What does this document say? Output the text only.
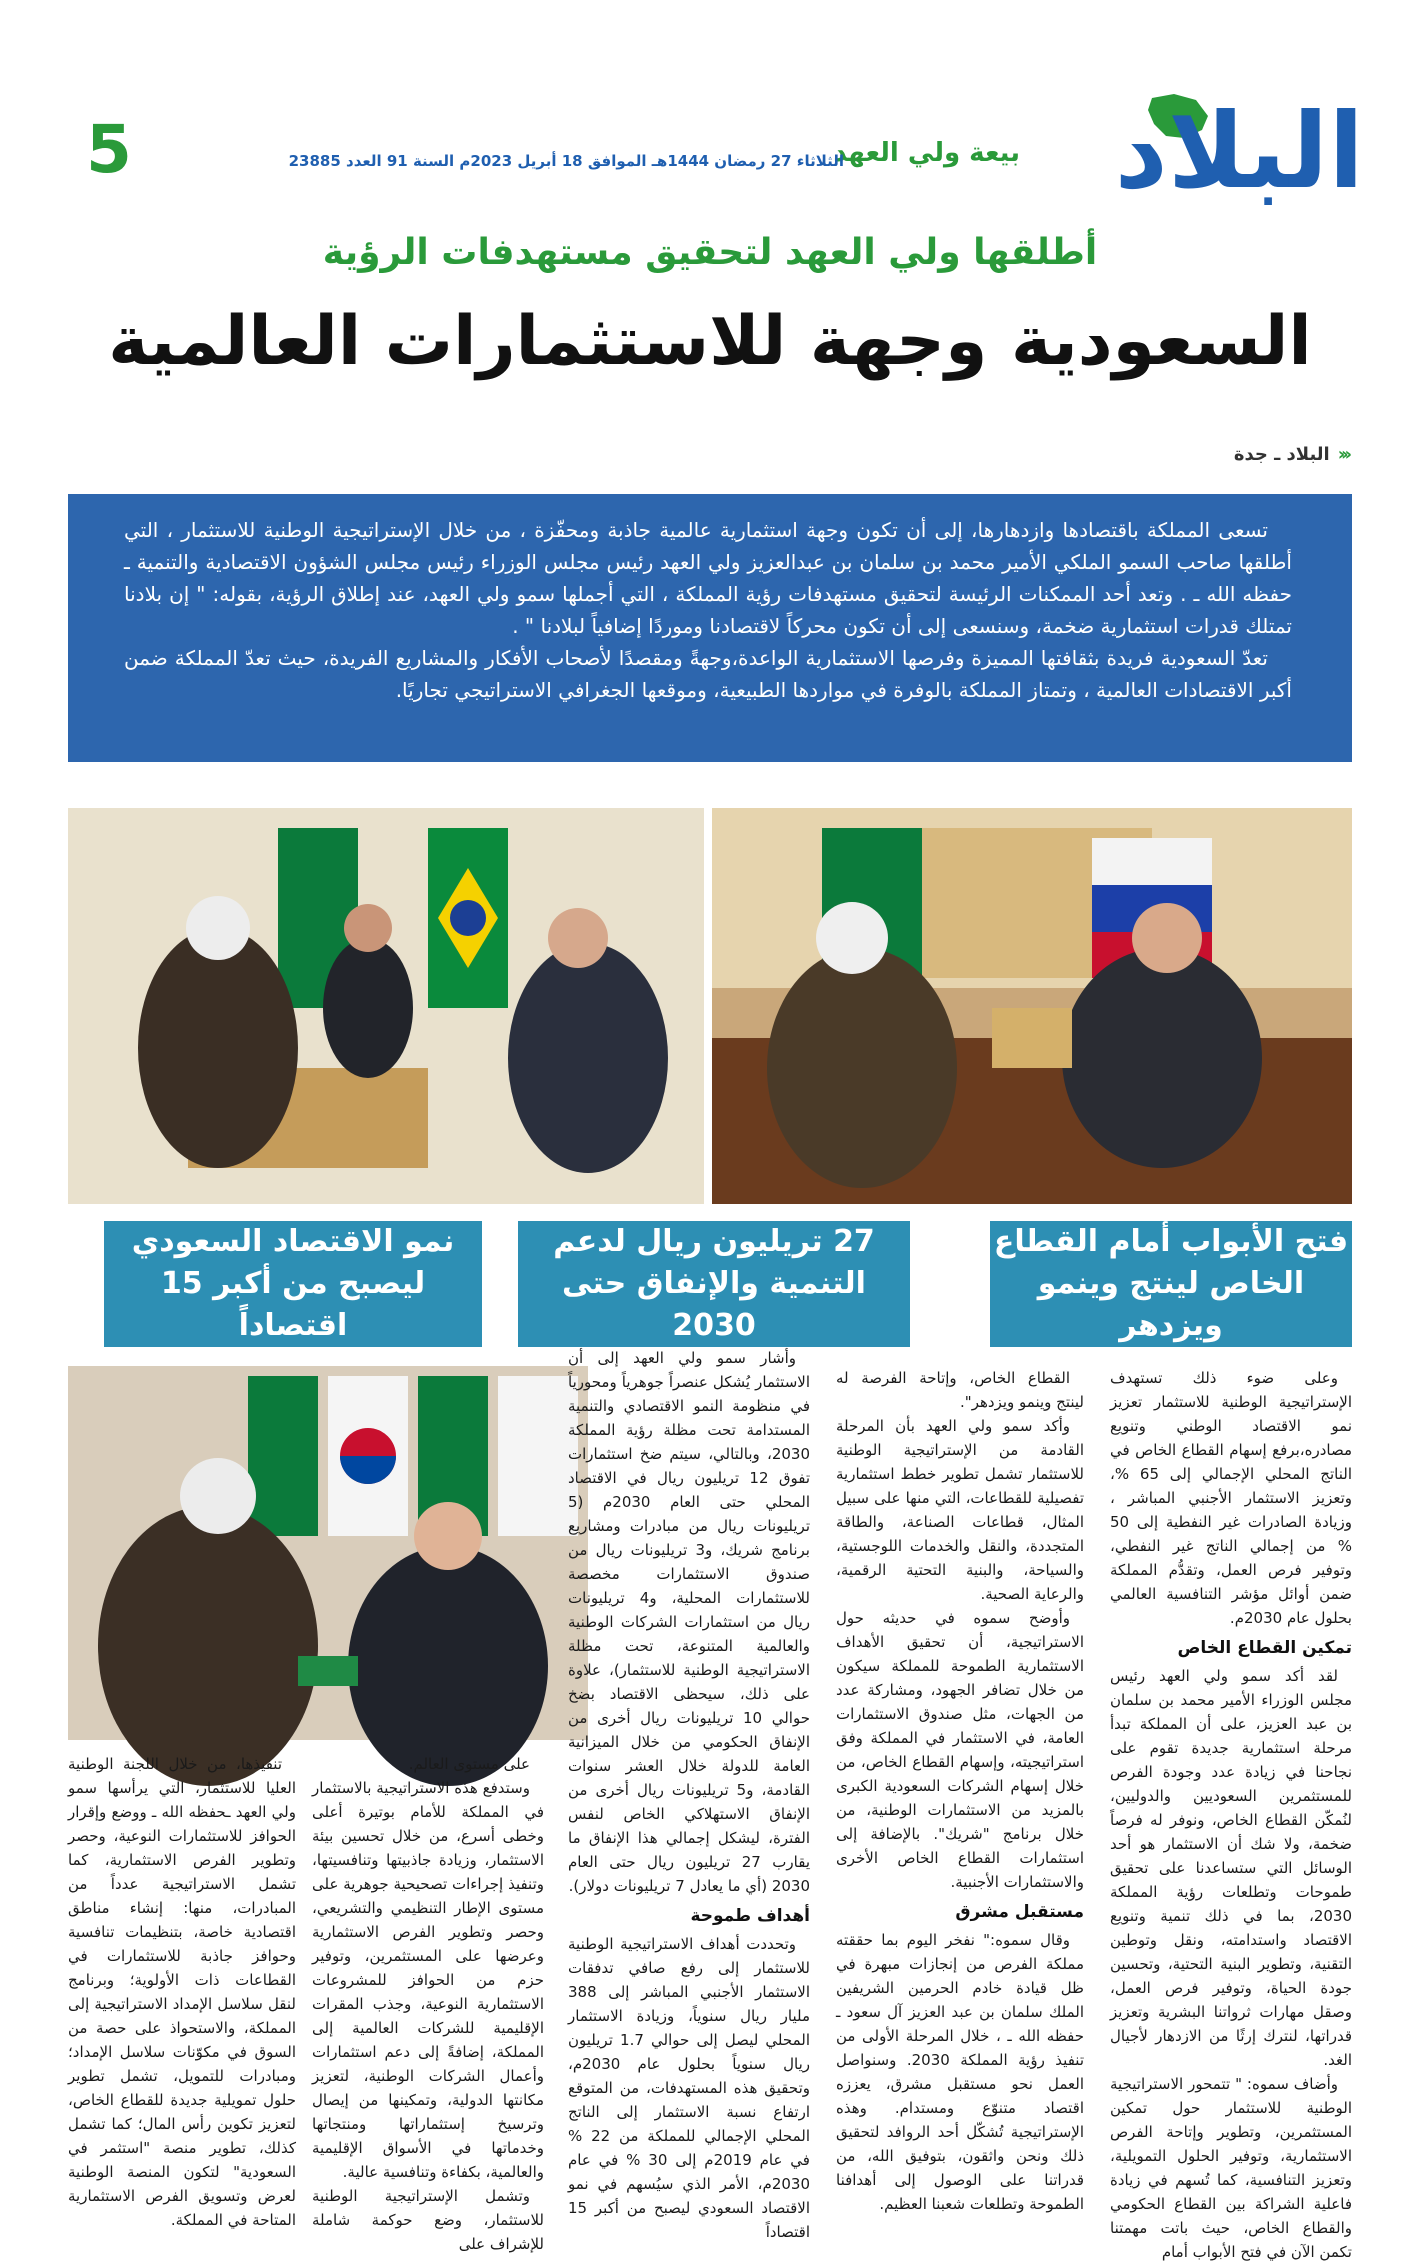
البلاد
بيعة ولي العهد
الثلاثاء 27 رمضان 1444هـ الموافق 18 أبريل 2023م السنة 91 العدد 23885
5
أطلقها ولي العهد لتحقيق مستهدفات الرؤية
السعودية وجهة للاستثمارات العالمية
‹‹‹البلاد ـ جدة

تسعى المملكة باقتصادها وازدهارها، إلى أن تكون وجهة استثمارية عالمية جاذبة ومحفّزة ، من خلال الإستراتيجية الوطنية للاستثمار ، التي أطلقها صاحب السمو الملكي الأمير محمد بن سلمان بن عبدالعزيز ولي العهد رئيس مجلس الوزراء رئيس مجلس الشؤون الاقتصادية والتنمية ـ حفظه الله ـ . وتعد أحد الممكنات الرئيسة لتحقيق مستهدفات رؤية المملكة ، التي أجملها سمو ولي العهد، عند إطلاق الرؤية، بقوله: " إن بلادنا تمتلك قدرات استثمارية ضخمة، وسنسعى إلى أن تكون محركاً لاقتصادنا وموردًا إضافياً لبلادنا " .

تعدّ السعودية فريدة بثقافتها المميزة وفرصها الاستثمارية الواعدة،وجهةً ومقصدًا لأصحاب الأفكار والمشاريع الفريدة، حيث تعدّ المملكة ضمن أكبر الاقتصادات العالمية ، وتمتاز المملكة بالوفرة في مواردها الطبيعية، وموقعها الجغرافي الاستراتيجي تجاريًا.

فتح الأبواب أمام القطاع الخاص لينتج وينمو ويزدهر
27 تريليون ريال لدعم التنمية والإنفاق حتى 2030
نمو الاقتصاد السعودي ليصبح من أكبر 15 اقتصاداً

وعلى ضوء ذلك تستهدف الإستراتيجية الوطنية للاستثمار تعزيز نمو الاقتصاد الوطني وتنويع مصادره،برفع إسهام القطاع الخاص في الناتج المحلي الإجمالي إلى 65 %، وتعزيز الاستثمار الأجنبي المباشر ، وزيادة الصادرات غير النفطية إلى 50 % من إجمالي الناتج غير النفطي، وتوفير فرص العمل، وتقدُّم المملكة ضمن أوائل مؤشر التنافسية العالمي بحلول عام 2030م.

تمكين القطاع الخاص

لقد أكد سمو ولي العهد رئيس مجلس الوزراء الأمير محمد بن سلمان بن عبد العزيز، على أن المملكة تبدأ مرحلة استثمارية جديدة تقوم على نجاحنا في زيادة عدد وجودة الفرص للمستثمرين السعوديين والدوليين، لنُمكّن القطاع الخاص، ونوفر له فرصاً ضخمة، ولا شك أن الاستثمار هو أحد الوسائل التي ستساعدنا على تحقيق طموحات وتطلعات رؤية المملكة 2030، بما في ذلك تنمية وتنويع الاقتصاد واستدامته، ونقل وتوطين التقنية، وتطوير البنية التحتية، وتحسين جودة الحياة، وتوفير فرص العمل، وصقل مهارات ثرواتنا البشرية وتعزيز قدراتها، لنترك إرثًا من الازدهار لأجيال الغد.

وأضاف سموه: " تتمحور الاستراتيجية الوطنية للاستثمار حول تمكين المستثمرين، وتطوير وإتاحة الفرص الاستثمارية، وتوفير الحلول التمويلية، وتعزيز التنافسية، كما تُسهم في زيادة فاعلية الشراكة بين القطاع الحكومي والقطاع الخاص، حيث باتت مهمتنا تكمن الآن في فتح الأبواب أمام

القطاع الخاص، وإتاحة الفرصة له لينتج وينمو ويزدهر".

وأكد سمو ولي العهد بأن المرحلة القادمة من الإستراتيجية الوطنية للاستثمار تشمل تطوير خطط استثمارية تفصيلية للقطاعات، التي منها على سبيل المثال، قطاعات الصناعة، والطاقة المتجددة، والنقل والخدمات اللوجستية، والسياحة، والبنية التحتية الرقمية، والرعاية الصحية.

وأوضح سموه في حديثه حول الاستراتيجية، أن تحقيق الأهداف الاستثمارية الطموحة للمملكة سيكون من خلال تضافر الجهود، ومشاركة عدد من الجهات، مثل صندوق الاستثمارات العامة، في الاستثمار في المملكة وفق استراتيجيته، وإسهام القطاع الخاص، من خلال إسهام الشركات السعودية الكبرى بالمزيد من الاستثمارات الوطنية، من خلال برنامج "شريك". بالإضافة إلى استثمارات القطاع الخاص الأخرى والاستثمارات الأجنبية.

مستقبل مشرق

وقال سموه:" نفخر اليوم بما حققته مملكة الفرص من إنجازات مبهرة في ظل قيادة خادم الحرمين الشريفين الملك سلمان بن عبد العزيز آل سعود ـ حفظه الله ـ ، خلال المرحلة الأولى من تنفيذ رؤية المملكة 2030. وسنواصل العمل نحو مستقبل مشرق، يعززه اقتصاد متنوّع ومستدام. وهذه الإستراتيجية تُشكّل أحد الروافد لتحقيق ذلك ونحن واثقون، بتوفيق الله، من قدراتنا على الوصول إلى أهدافنا الطموحة وتطلعات شعبنا العظيم.

وأشار سمو ولي العهد إلى أن الاستثمار يُشكل عنصراً جوهرياً ومحورياً في منظومة النمو الاقتصادي والتنمية المستدامة تحت مظلة رؤية المملكة 2030، وبالتالي، سيتم ضخ استثمارات تفوق 12 تريليون ريال في الاقتصاد المحلي حتى العام 2030م (5 تريليونات ريال من مبادرات ومشاريع برنامج شريك، و3 تريليونات ريال من صندوق الاستثمارات مخصصة للاستثمارات المحلية، و4 تريليونات ريال من استثمارات الشركات الوطنية والعالمية المتنوعة، تحت مظلة الاستراتيجية الوطنية للاستثمار)، علاوة على ذلك، سيحظى الاقتصاد بضخ حوالي 10 تريليونات ريال أخرى من الإنفاق الحكومي من خلال الميزانية العامة للدولة خلال العشر سنوات القادمة، و5 تريليونات ريال أخرى من الإنفاق الاستهلاكي الخاص لنفس الفترة، ليشكل إجمالي هذا الإنفاق ما يقارب 27 تريليون ريال حتى العام 2030 (أي ما يعادل 7 تريليونات دولار).

أهداف طموحة

وتحددت أهداف الاستراتيجية الوطنية للاستثمار إلى رفع صافي تدفقات الاستثمار الأجنبي المباشر إلى 388 مليار ريال سنوياً، وزيادة الاستثمار المحلي ليصل إلى حوالي 1.7 تريليون ريال سنوياً بحلول عام 2030م، وتحقيق هذه المستهدفات، من المتوقع ارتفاع نسبة الاستثمار إلى الناتج المحلي الإجمالي للمملكة من 22 % في عام 2019م إلى 30 % في عام 2030م، الأمر الذي سيُسهم في نمو الاقتصاد السعودي ليصبح من أكبر 15 اقتصاداً

على مستوى العالم.

وستدفع هذه الاستراتيجية بالاستثمار في المملكة للأمام بوتيرة أعلى وخطى أسرع، من خلال تحسين بيئة الاستثمار، وزيادة جاذبيتها وتنافسيتها، وتنفيذ إجراءات تصحيحية جوهرية على مستوى الإطار التنظيمي والتشريعي، وحصر وتطوير الفرص الاستثمارية وعرضها على المستثمرين، وتوفير حزم من الحوافز للمشروعات الاستثمارية النوعية، وجذب المقرات الإقليمية للشركات العالمية إلى المملكة، إضافةً إلى دعم استثمارات وأعمال الشركات الوطنية، لتعزيز مكانتها الدولية، وتمكينها من إيصال وترسيخ إستثماراتها ومنتجاتها وخدماتها في الأسواق الإقليمية والعالمية، بكفاءة وتنافسية عالية.

وتشمل الإستراتيجية الوطنية للاستثمار، وضع حوكمة شاملة للإشراف على

تنفيذها، من خلال اللجنة الوطنية العليا للاستثمار، التي يرأسها سمو ولي العهد ـحفظه الله ـ ووضع وإقرار الحوافز للاستثمارات النوعية، وحصر وتطوير الفرص الاستثمارية، كما تشمل الاستراتيجية عدداً من المبادرات، منها: إنشاء مناطق اقتصادية خاصة، بتنظيمات تنافسية وحوافز جاذبة للاستثمارات في القطاعات ذات الأولوية؛ وبرنامج لنقل سلاسل الإمداد الاستراتيجية إلى المملكة، والاستحواذ على حصة من السوق في مكوّنات سلاسل الإمداد؛ ومبادرات للتمويل، تشمل تطوير حلول تمويلية جديدة للقطاع الخاص، لتعزيز تكوين رأس المال؛ كما تشمل كذلك، تطوير منصة "استثمر في السعودية" لتكون المنصة الوطنية لعرض وتسويق الفرص الاستثمارية المتاحة في المملكة.
